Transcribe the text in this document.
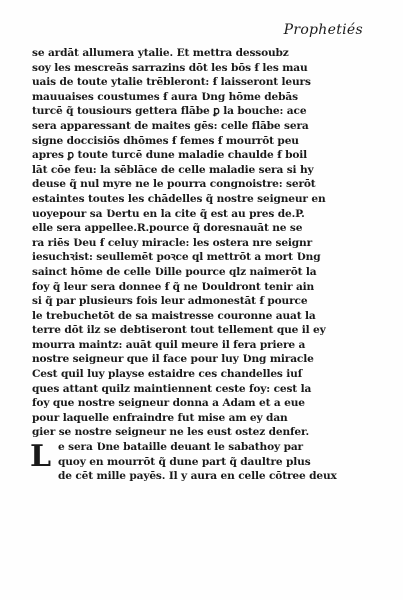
Prophetiés
se ardāt allumera ytalie. Et mettra dessoubz
soy les mescreās sarrazins dōt les bōs ẜ les mau
uais de toute ytalie trēbleront: ẜ laisseront leurs
mauuaises coustumes ẜ aura Ʋng hōme debās
turcē q̃ tousiours gettera flābe ꝑ la bouche: ace
sera apparessant de maites gēs: celle flābe sera
signe doccisiōs dhōmes ẜ femes ẜ mourrōt peu
apres ꝑ toute turcē dune maladie chaulde ẜ boil
lāt cōe feu: la sēblāce de celle maladie sera si hy
deuse q̃ nul myre ne le pourra congnoistre: serōt
estaintes toutes les chādelles q̃ nostre seigneur en
uoyepour sa Ʋertu en la cite q̃ est au pres de.P.
elle sera appellee.R.pource q̃ doresnauāt ne se
ra riēs Ʋeu ẜ celuy miracle: les ostera nre seignr
iesuchꝛist: seullemēt poꝛce ql mettrōt a mort Ʋng
sainct hōme de celle Ʋille pource qlz naimerōt la
foy q̃ leur sera donnee ẜ q̃ ne Ʋouldront tenir ain
si q̃ par plusieurs fois leur admonestāt ẜ pource
le trebuchetōt de sa maistresse couronne auat la
terre dōt ilz se debtiseront tout tellement que il ey
mourra maintz: auāt quil meure il fera priere a
nostre seigneur que il face pour luy Ʋng miracle
Cest quil luy playse estaidre ces chandelles iuſ
ques attant quilz maintiennent ceste foy: cest la
foy que nostre seigneur donna a Adam et a eue
pour laquelle enfraindre fut mise am ey dan
gier se nostre seigneur ne les eust ostez denfer.
L e sera Ʋne bataille deuant le sabathoy par
quoy en mourrōt q̃ dune part q̃ daultre plus
de cēt mille payēs. Il y aura en celle cōtree deux
